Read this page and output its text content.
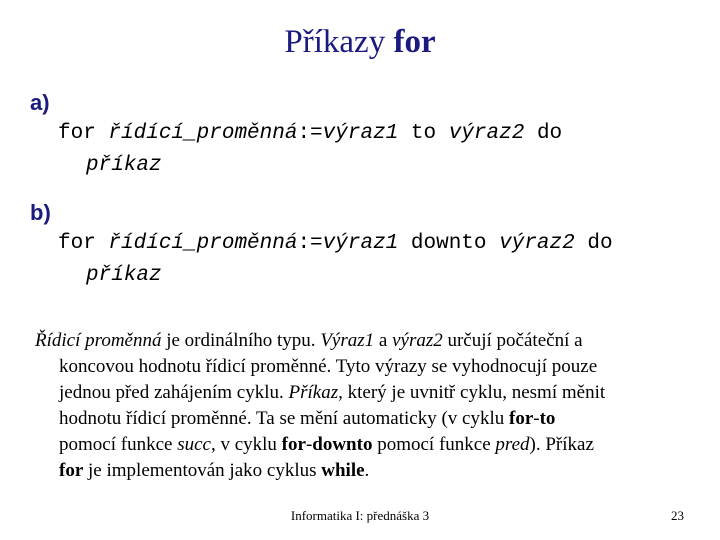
Příkazy for
a)
for řídící_proměnná:=výraz1 to výraz2 do
příkaz
b)
for řídící_proměnná:=výraz1 downto výraz2 do
příkaz
Řídicí proměnná je ordinálního typu. Výraz1 a výraz2 určují počáteční a
koncovou hodnotu řídicí proměnné. Tyto výrazy se vyhodnocují pouze
jednou před zahájením cyklu. Příkaz, který je uvnitř cyklu, nesmí měnit
hodnotu řídicí proměnné. Ta se mění automaticky (v cyklu for-to
pomocí funkce succ, v cyklu for-downto pomocí funkce pred). Příkaz
for je implementován jako cyklus while.
Informatika I: přednáška 3	23
